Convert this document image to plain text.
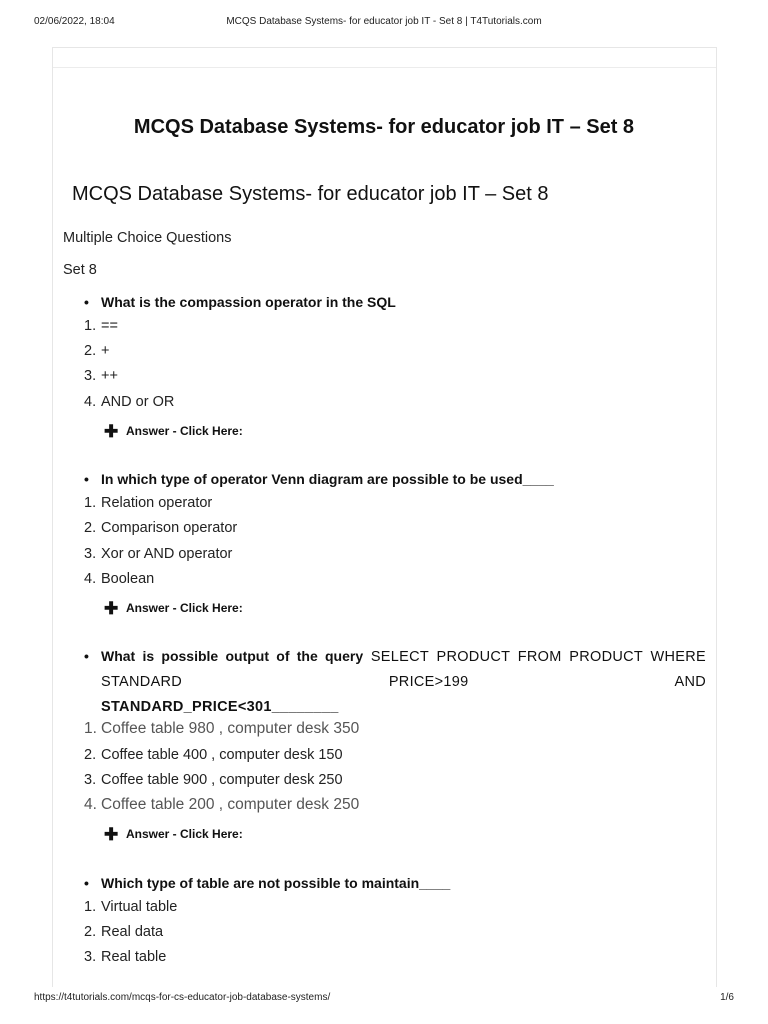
02/06/2022, 18:04	MCQS Database Systems- for educator job IT - Set 8 | T4Tutorials.com
MCQS Database Systems- for educator job IT – Set 8
MCQS Database Systems- for educator job IT – Set 8
Multiple Choice Questions
Set 8
• What is the compassion operator in the SQL
1.==
2.+
3.++
4.AND or OR
✚ Answer - Click Here:
• In which type of operator Venn diagram are possible to be used____
1.Relation operator
2.Comparison operator
3.Xor or AND operator
4.Boolean
✚ Answer - Click Here:
• What is possible output of the query SELECT PRODUCT FROM PRODUCT WHERE STANDARD PRICE>199 AND
STANDARD_PRICE<301________
1.Coffee table 980 , computer desk 350
2.Coffee table 400 , computer desk 150
3.Coffee table 900 , computer desk 250
4.Coffee table 200 , computer desk 250
✚ Answer - Click Here:
• Which type of table are not possible to maintain____
1.Virtual table
2.Real data
3.Real table
https://t4tutorials.com/mcqs-for-cs-educator-job-database-systems/	1/6
